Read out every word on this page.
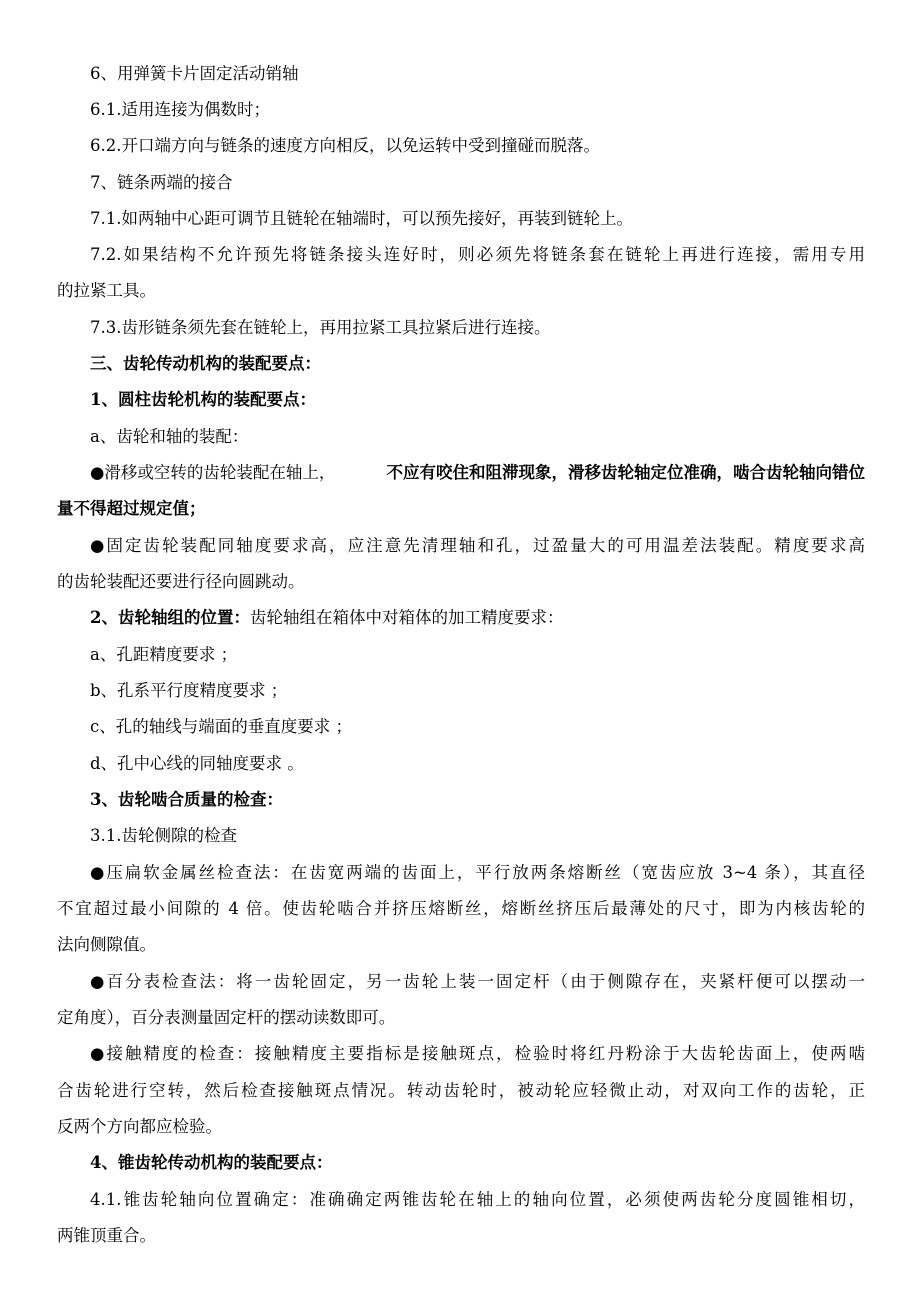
6、用弹簧卡片固定活动销轴
6.1.适用连接为偶数时；
6.2.开口端方向与链条的速度方向相反，以免运转中受到撞碰而脱落。
7、链条两端的接合
7.1.如两轴中心距可调节且链轮在轴端时，可以预先接好，再装到链轮上。
7.2.如果结构不允许预先将链条接头连好时，则必须先将链条套在链轮上再进行连接，需用专用
的拉紧工具。
7.3.齿形链条须先套在链轮上，再用拉紧工具拉紧后进行连接。
三、齿轮传动机构的装配要点：
1、圆柱齿轮机构的装配要点：
a、齿轮和轴的装配：
●滑移或空转的齿轮装配在轴上，	不应有咬住和阻滞现象，滑移齿轮轴定位准确，啮合齿轮轴向错位
量不得超过规定值；
●固定齿轮装配同轴度要求高，应注意先清理轴和孔，过盈量大的可用温差法装配。精度要求高
的齿轮装配还要进行径向圆跳动。
2、齿轮轴组的位置：齿轮轴组在箱体中对箱体的加工精度要求：
a、孔距精度要求 ；
b、孔系平行度精度要求 ；
c、孔的轴线与端面的垂直度要求 ；
d、孔中心线的同轴度要求 。
3、齿轮啮合质量的检查：
3.1.齿轮侧隙的检查
●压扁软金属丝检查法：在齿宽两端的齿面上，平行放两条熔断丝（宽齿应放 3~4 条），其直径
不宜超过最小间隙的 4 倍。使齿轮啮合并挤压熔断丝，熔断丝挤压后最薄处的尺寸，即为内核齿轮的
法向侧隙值。
●百分表检查法：将一齿轮固定，另一齿轮上装一固定杆（由于侧隙存在，夹紧杆便可以摆动一
定角度），百分表测量固定杆的摆动读数即可。
●接触精度的检查：接触精度主要指标是接触斑点，检验时将红丹粉涂于大齿轮齿面上，使两啮
合齿轮进行空转，然后检查接触斑点情况。转动齿轮时，被动轮应轻微止动，对双向工作的齿轮，正
反两个方向都应检验。
4、锥齿轮传动机构的装配要点：
4.1.锥齿轮轴向位置确定：准确确定两锥齿轮在轴上的轴向位置，必须使两齿轮分度圆锥相切，
两锥顶重合。
